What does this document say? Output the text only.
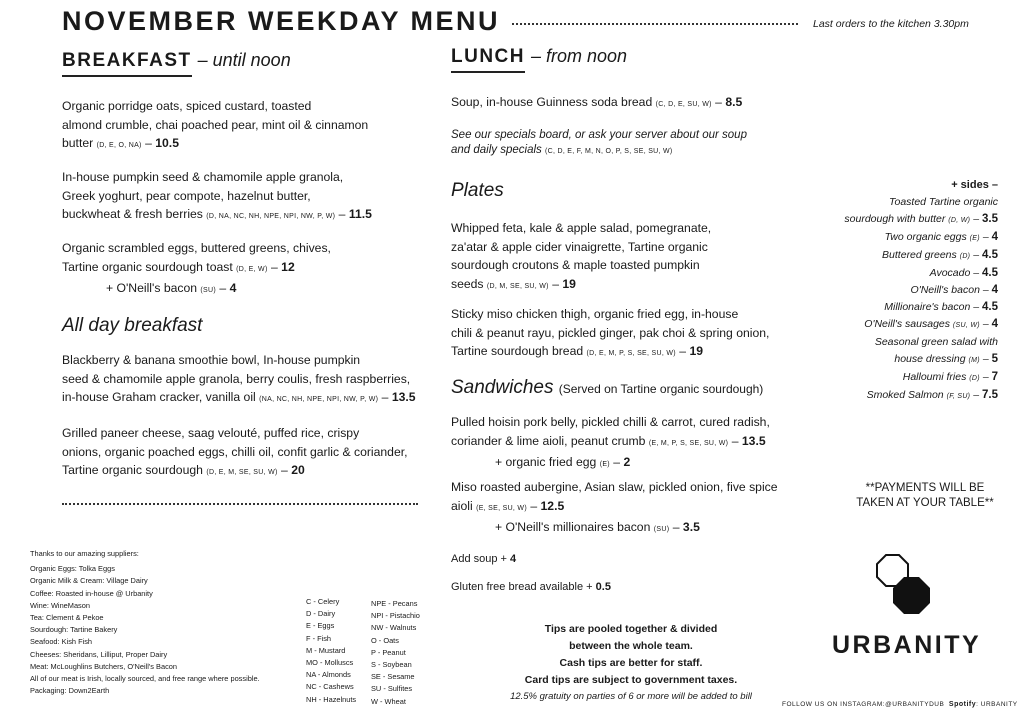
NOVEMBER WEEKDAY MENU	Last orders to the kitchen 3.30pm
BREAKFAST – until noon
Organic porridge oats, spiced custard, toasted
almond crumble, chai poached pear, mint oil & cinnamon
butter (D, E, O, NA) – 10.5
In-house pumpkin seed & chamomile apple granola,
Greek yoghurt, pear compote, hazelnut butter,
buckwheat & fresh berries (D, NA, NC, NH, NPE, NPI, NW, P, W) – 11.5
Organic scrambled eggs, buttered greens, chives,
Tartine organic sourdough toast (D, E, W) – 12
+ O'Neill's bacon (SU) – 4
All day breakfast
Blackberry & banana smoothie bowl, In-house pumpkin
seed & chamomile apple granola, berry coulis, fresh raspberries,
in-house Graham cracker, vanilla oil (NA, NC, NH, NPE, NPI, NW, P, W) – 13.5
Grilled paneer cheese, saag velouté, puffed rice, crispy
onions, organic poached eggs, chilli oil, confit garlic & coriander,
Tartine organic sourdough (D, E, M, SE, SU, W) – 20
LUNCH – from noon
Soup, in-house Guinness soda bread (C, D, E, SU, W) – 8.5
See our specials board, or ask your server about our soup
and daily specials (C, D, E, F, M, N, O, P, S, SE, SU, W)
Plates
Whipped feta, kale & apple salad, pomegranate,
za'atar & apple cider vinaigrette, Tartine organic
sourdough croutons & maple toasted pumpkin
seeds (D, M, SE, SU, W) – 19
Sticky miso chicken thigh, organic fried egg, in-house
chili & peanut rayu, pickled ginger, pak choi & spring onion,
Tartine sourdough bread (D, E, M, P, S, SE, SU, W) – 19
Sandwiches (Served on Tartine organic sourdough)
Pulled hoisin pork belly, pickled chilli & carrot, cured radish,
coriander & lime aioli, peanut crumb (E, M, P, S, SE, SU, W) – 13.5
+ organic fried egg (E) – 2
Miso roasted aubergine, Asian slaw, pickled onion, five spice
aioli (E, SE, SU, W) – 12.5
+ O'Neill's millionaires bacon (SU) – 3.5
Add soup + 4
Gluten free bread available + 0.5
+ sides –
Toasted Tartine organic
sourdough with butter (D, W) – 3.5
Two organic eggs (E) – 4
Buttered greens (D) – 4.5
Avocado – 4.5
O'Neill's bacon – 4
Millionaire's bacon – 4.5
O'Neill's sausages (SU, W) – 4
Seasonal green salad with
house dressing (M) – 5
Halloumi fries (D) – 7
Smoked Salmon (F, SU) – 7.5
**PAYMENTS WILL BE
TAKEN AT YOUR TABLE**
Thanks to our amazing suppliers:
Organic Eggs: Tolka Eggs
Organic Milk & Cream: Village Dairy
Coffee: Roasted in-house @ Urbanity
Wine: WineMason
Tea: Clement & Pekoe
Sourdough: Tartine Bakery
Seafood: Kish Fish
Cheeses: Sheridans, Lilliput, Proper Dairy
Meat: McLoughlins Butchers, O'Neill's Bacon
All of our meat is Irish, locally sourced, and free range where possible.
Packaging: Down2Earth
C - Celery
D - Dairy
E - Eggs
F - Fish
M - Mustard
MO - Molluscs
NA - Almonds
NC - Cashews
NH - Hazelnuts
NPE - Pecans
NPI - Pistachio
NW - Walnuts
O - Oats
P - Peanut
S - Soybean
SE - Sesame
SU - Sulfites
W - Wheat
Tips are pooled together & divided
between the whole team.
Cash tips are better for staff.
Card tips are subject to government taxes.
12.5% gratuity on parties of 6 or more will be added to bill
URBANITY
FOLLOW US ON INSTAGRAM:@URBANITYDUB Spotify: URBANITY
